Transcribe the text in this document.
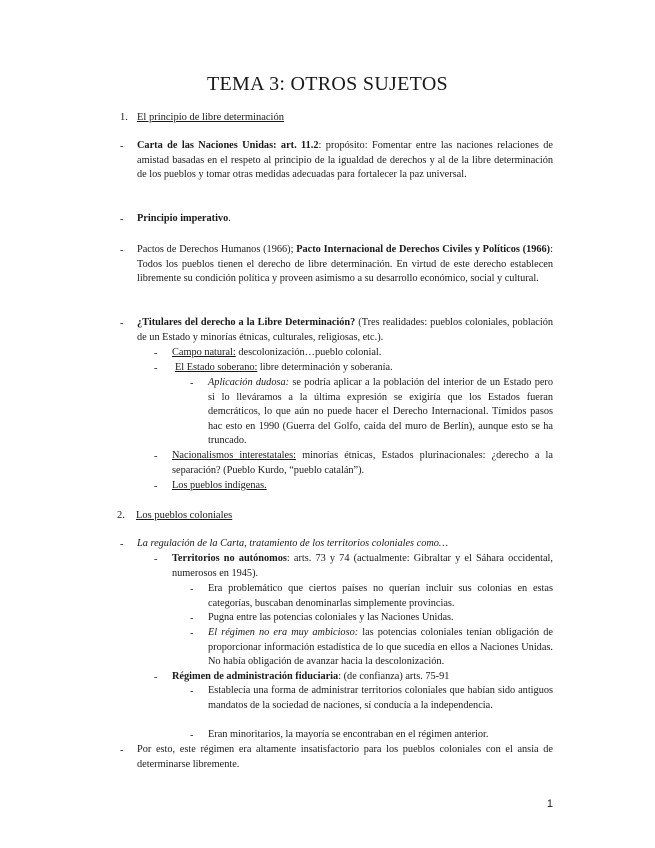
TEMA 3: OTROS SUJETOS
1. El principio de libre determinación
- Carta de las Naciones Unidas: art. 11.2: propósito: Fomentar entre las naciones relaciones de amistad basadas en el respeto al principio de la igualdad de derechos y al de la libre determinación de los pueblos y tomar otras medidas adecuadas para fortalecer la paz universal.
- Principio imperativo.
- Pactos de Derechos Humanos (1966); Pacto Internacional de Derechos Civiles y Políticos (1966): Todos los pueblos tienen el derecho de libre determinación. En virtud de este derecho establecen libremente su condición política y proveen asimismo a su desarrollo económico, social y cultural.
- ¿Titulares del derecho a la Libre Determinación? (Tres realidades: pueblos coloniales, población de un Estado y minorías étnicas, culturales, religiosas, etc.).
- Campo natural: descolonización…pueblo colonial.
- El Estado soberano: libre determinación y soberanía.
- Aplicación dudosa: se podría aplicar a la población del interior de un Estado pero si lo lleváramos a la última expresión se exigiría que los Estados fueran demcráticos, lo que aún no puede hacer el Derecho Internacional. Tímidos pasos hac esto en 1990 (Guerra del Golfo, caída del muro de Berlín), aunque esto se ha truncado.
- Nacionalismos interestatales: minorías étnicas, Estados plurinacionales: ¿derecho a la separación? (Pueblo Kurdo, “pueblo catalán”).
- Los pueblos indígenas.
2. Los pueblos coloniales
- La regulación de la Carta, tratamiento de los territorios coloniales como…
- Territorios no autónomos: arts. 73 y 74 (actualmente: Gibraltar y el Sáhara occidental, numerosos en 1945).
- Era problemático que ciertos países no querían incluir sus colonias en estas categorías, buscaban denominarlas simplemente provincias.
- Pugna entre las potencias coloniales y las Naciones Unidas.
- El régimen no era muy ambicioso: las potencias coloniales tenían obligación de proporcionar información estadística de lo que sucedía en ellos a Naciones Unidas. No había obligación de avanzar hacia la descolonización.
- Régimen de administración fiduciaria: (de confianza) arts. 75-91
- Establecía una forma de administrar territorios coloniales que habían sido antiguos mandatos de la sociedad de naciones, sí conducía a la independencia.
- Eran minoritarios, la mayoría se encontraban en el régimen anterior.
- Por esto, este régimen era altamente insatisfactorio para los pueblos coloniales con el ansia de determinarse libremente.
1
